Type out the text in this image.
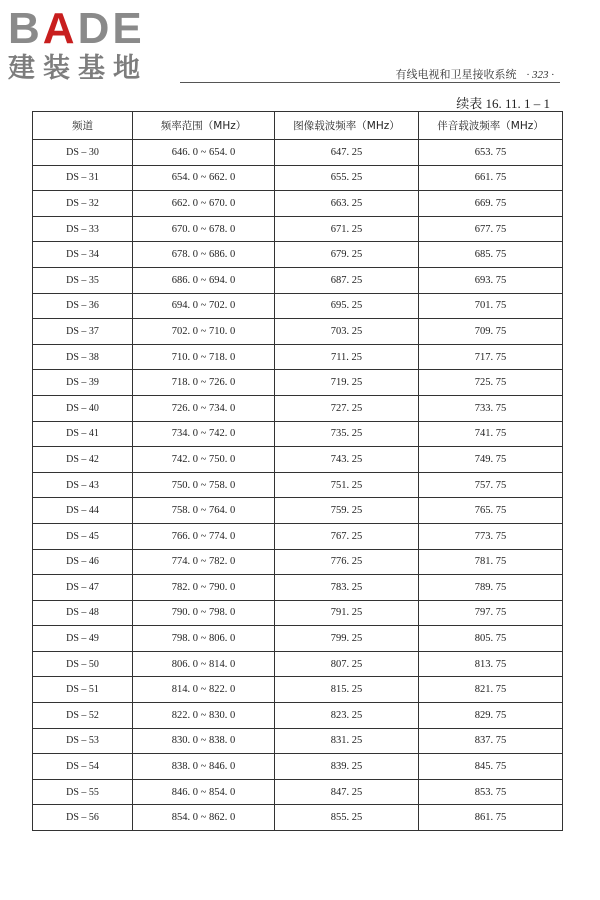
BADE
建装基地	有线电视和卫星接收系统 · 323 ·
续表 16. 11. 1 – 1
频道	频率范围（MHz）	图像载波频率（MHz）	伴音载波频率（MHz）
DS – 30	646. 0 ~ 654. 0	647. 25	653. 75
DS – 31	654. 0 ~ 662. 0	655. 25	661. 75
DS – 32	662. 0 ~ 670. 0	663. 25	669. 75
DS – 33	670. 0 ~ 678. 0	671. 25	677. 75
DS – 34	678. 0 ~ 686. 0	679. 25	685. 75
DS – 35	686. 0 ~ 694. 0	687. 25	693. 75
DS – 36	694. 0 ~ 702. 0	695. 25	701. 75
DS – 37	702. 0 ~ 710. 0	703. 25	709. 75
DS – 38	710. 0 ~ 718. 0	711. 25	717. 75
DS – 39	718. 0 ~ 726. 0	719. 25	725. 75
DS – 40	726. 0 ~ 734. 0	727. 25	733. 75
DS – 41	734. 0 ~ 742. 0	735. 25	741. 75
DS – 42	742. 0 ~ 750. 0	743. 25	749. 75
DS – 43	750. 0 ~ 758. 0	751. 25	757. 75
DS – 44	758. 0 ~ 764. 0	759. 25	765. 75
DS – 45	766. 0 ~ 774. 0	767. 25	773. 75
DS – 46	774. 0 ~ 782. 0	776. 25	781. 75
DS – 47	782. 0 ~ 790. 0	783. 25	789. 75
DS – 48	790. 0 ~ 798. 0	791. 25	797. 75
DS – 49	798. 0 ~ 806. 0	799. 25	805. 75
DS – 50	806. 0 ~ 814. 0	807. 25	813. 75
DS – 51	814. 0 ~ 822. 0	815. 25	821. 75
DS – 52	822. 0 ~ 830. 0	823. 25	829. 75
DS – 53	830. 0 ~ 838. 0	831. 25	837. 75
DS – 54	838. 0 ~ 846. 0	839. 25	845. 75
DS – 55	846. 0 ~ 854. 0	847. 25	853. 75
DS – 56	854. 0 ~ 862. 0	855. 25	861. 75
